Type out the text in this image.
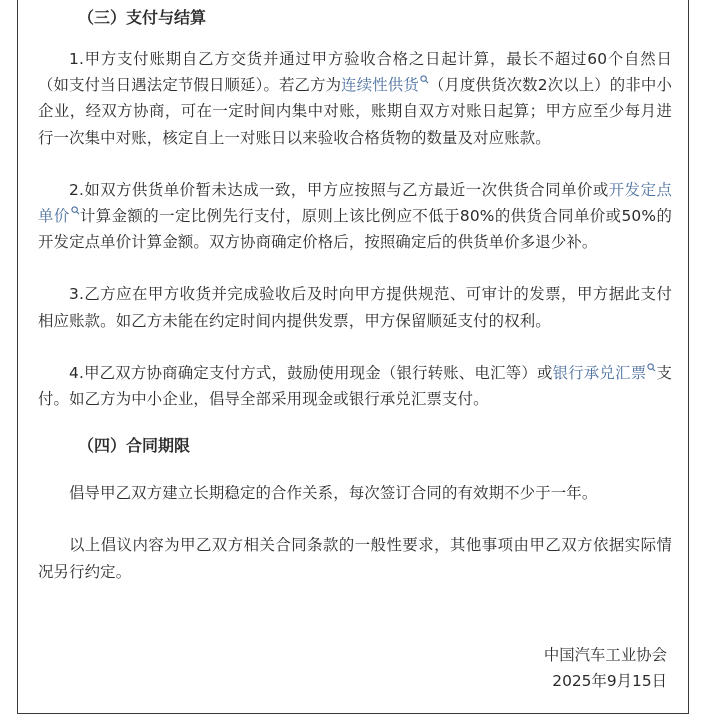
（三）支付与结算

1.甲方支付账期自乙方交货并通过甲方验收合格之日起计算，最长不超过60个自然日（如支付当日遇法定节假日顺延）。若乙方为连续性供货 （月度供货次数2次以上）的非中小企业，经双方协商，可在一定时间内集中对账，账期自双方对账日起算；甲方应至少每月进行一次集中对账，核定自上一对账日以来验收合格货物的数量及对应账款。

2.如双方供货单价暂未达成一致，甲方应按照与乙方最近一次供货合同单价或开发定点单价 计算金额的一定比例先行支付，原则上该比例应不低于80%的供货合同单价或50%的开发定点单价计算金额。双方协商确定价格后，按照确定后的供货单价多退少补。

3.乙方应在甲方收货并完成验收后及时向甲方提供规范、可审计的发票，甲方据此支付相应账款。如乙方未能在约定时间内提供发票，甲方保留顺延支付的权利。

4.甲乙双方协商确定支付方式，鼓励使用现金（银行转账、电汇等）或银行承兑汇票 支付。如乙方为中小企业，倡导全部采用现金或银行承兑汇票支付。

（四）合同期限

倡导甲乙双方建立长期稳定的合作关系，每次签订合同的有效期不少于一年。

以上倡议内容为甲乙双方相关合同条款的一般性要求，其他事项由甲乙双方依据实际情况另行约定。

中国汽车工业协会
2025年9月15日
